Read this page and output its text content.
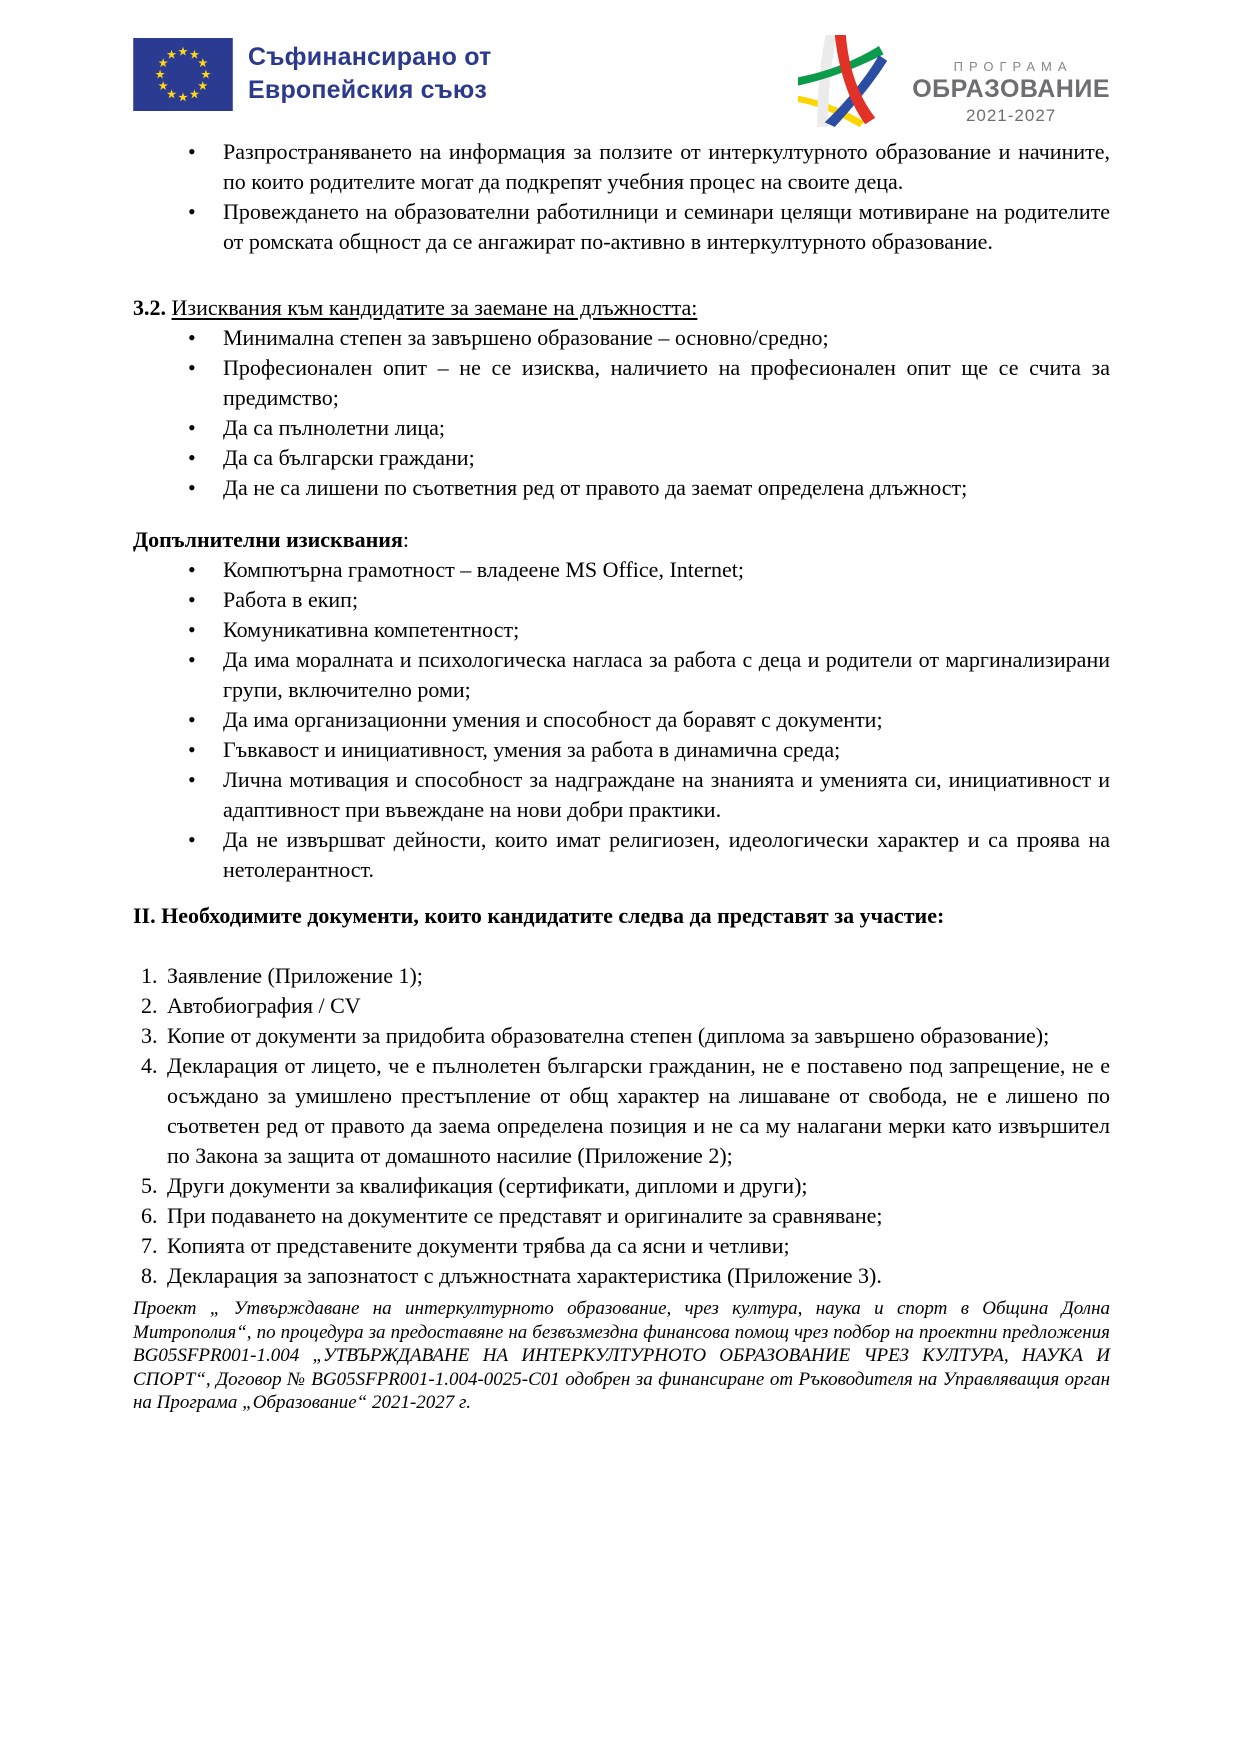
Съфинансирано от
Европейския съюз
ПРОГРАМА
ОБРАЗОВАНИЕ
2021-2027
• Разпространяването на информация за ползите от интеркултурното образование и начините, по които родителите могат да подкрепят учебния процес на своите деца.
• Провеждането на образователни работилници и семинари целящи мотивиране на родителите от ромската общност да се ангажират по-активно в интеркултурното образование.

3.2. Изисквания към кандидатите за заемане на длъжността:

• Минимална степен за завършено образование – основно/средно;
• Професионален опит – не се изисква, наличието на професионален опит ще се счита за предимство;
• Да са пълнолетни лица;
• Да са български граждани;
• Да не са лишени по съответния ред от правото да заемат определена длъжност;

Допълнителни изисквания:

• Компютърна грамотност – владеене MS Office, Internet;
• Работа в екип;
• Комуникативна компетентност;
• Да има моралната и психологическа нагласа за работа с деца и родители от маргинализирани групи, включително роми;
• Да има организационни умения и способност да боравят с документи;
• Гъвкавост и инициативност, умения за работа в динамична среда;
• Лична мотивация и способност за надграждане на знанията и уменията си, инициативност и адаптивност при въвеждане на нови добри практики.
• Да не извършват дейности, които имат религиозен, идеологически характер и са проява на нетолерантност.

II. Необходимите документи, които кандидатите следва да представят за участие:

1. Заявление (Приложение 1);
2. Автобиография / CV
3. Копие от документи за придобита образователна степен (диплома за завършено образование);
4. Декларация от лицето, че е пълнолетен български гражданин, не е поставено под запрещение, не е осъждано за умишлено престъпление от общ характер на лишаване от свобода, не е лишено по съответен ред от правото да заема определена позиция и не са му налагани мерки като извършител по Закона за защита от домашното насилие (Приложение 2);
5. Други документи за квалификация (сертификати, дипломи и други);
6. При подаването на документите се представят и оригиналите за сравняване;
7. Копията от представените документи трябва да са ясни и четливи;
8. Декларация за запознатост с длъжностната характеристика (Приложение 3).

Проект „ Утвърждаване на интеркултурното образование, чрез култура, наука и спорт в Община Долна Митрополия“, по процедура за предоставяне на безвъзмездна финансова помощ чрез подбор на проектни предложения BG05SFPR001-1.004 „УТВЪРЖДАВАНЕ НА ИНТЕРКУЛТУРНОТО ОБРАЗОВАНИЕ ЧРЕЗ КУЛТУРА, НАУКА И СПОРТ“, Договор № BG05SFPR001-1.004-0025-C01 одобрен за финансиране от Ръководителя на Управляващия орган на Програма „Образование“ 2021-2027 г.
